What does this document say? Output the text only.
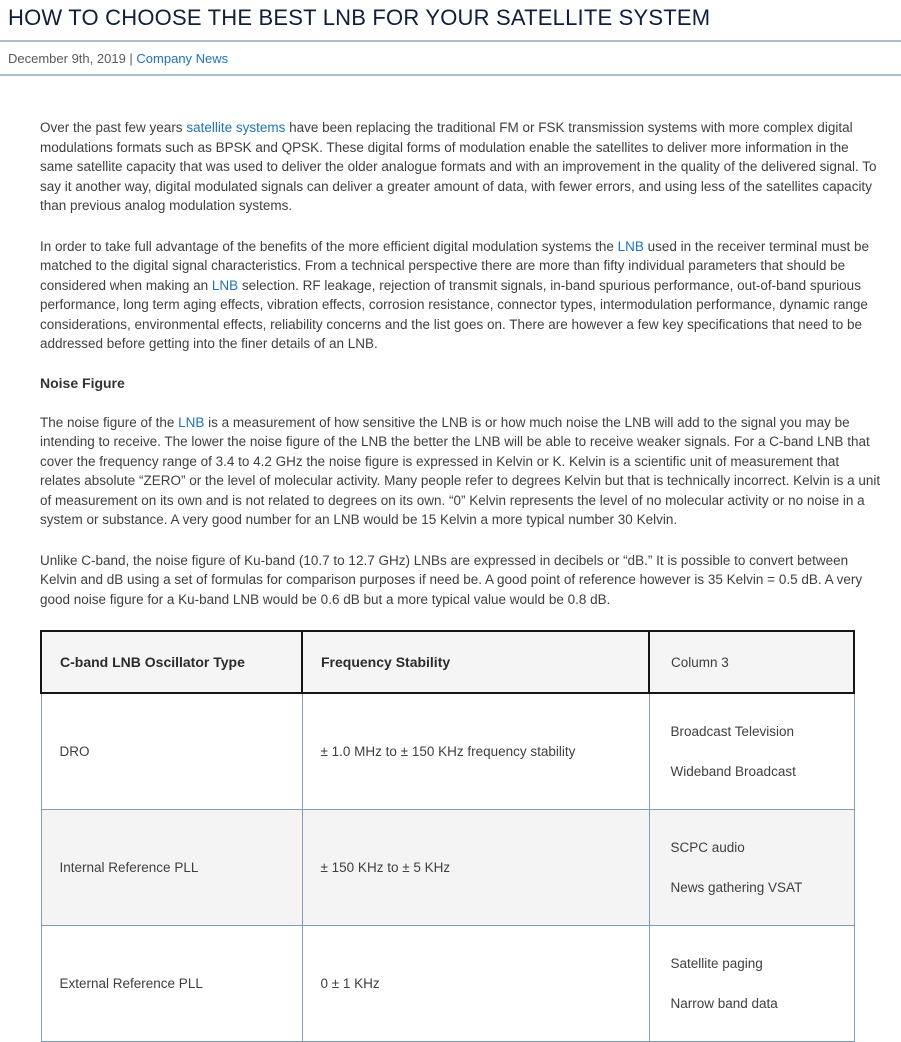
HOW TO CHOOSE THE BEST LNB FOR YOUR SATELLITE SYSTEM
December 9th, 2019 | Company News

Over the past few years satellite systems have been replacing the traditional FM or FSK transmission systems with more complex digital modulations formats such as BPSK and QPSK. These digital forms of modulation enable the satellites to deliver more information in the same satellite capacity that was used to deliver the older analogue formats and with an improvement in the quality of the delivered signal. To say it another way, digital modulated signals can deliver a greater amount of data, with fewer errors, and using less of the satellites capacity than previous analog modulation systems.

In order to take full advantage of the benefits of the more efficient digital modulation systems the LNB used in the receiver terminal must be matched to the digital signal characteristics. From a technical perspective there are more than fifty individual parameters that should be considered when making an LNB selection. RF leakage, rejection of transmit signals, in-band spurious performance, out-of-band spurious performance, long term aging effects, vibration effects, corrosion resistance, connector types, intermodulation performance, dynamic range considerations, environmental effects, reliability concerns and the list goes on. There are however a few key specifications that need to be addressed before getting into the finer details of an LNB.

Noise Figure

The noise figure of the LNB is a measurement of how sensitive the LNB is or how much noise the LNB will add to the signal you may be intending to receive. The lower the noise figure of the LNB the better the LNB will be able to receive weaker signals. For a C-band LNB that cover the frequency range of 3.4 to 4.2 GHz the noise figure is expressed in Kelvin or K. Kelvin is a scientific unit of measurement that relates absolute “ZERO” or the level of molecular activity. Many people refer to degrees Kelvin but that is technically incorrect. Kelvin is a unit of measurement on its own and is not related to degrees on its own. “0” Kelvin represents the level of no molecular activity or no noise in a system or substance. A very good number for an LNB would be 15 Kelvin a more typical number 30 Kelvin.

Unlike C-band, the noise figure of Ku-band (10.7 to 12.7 GHz) LNBs are expressed in decibels or “dB.” It is possible to convert between Kelvin and dB using a set of formulas for comparison purposes if need be. A good point of reference however is 35 Kelvin = 0.5 dB. A very good noise figure for a Ku-band LNB would be 0.6 dB but a more typical value would be 0.8 dB.

C-band LNB Oscillator Type	Frequency Stability	Column 3
DRO	± 1.0 MHz to ± 150 KHz frequency stability	Broadcast Television

Wideband Broadcast

Internal Reference PLL	± 150 KHz to ± 5 KHz	SCPC audio

News gathering VSAT

External Reference PLL	0 ± 1 KHz	Satellite paging

Narrow band data
